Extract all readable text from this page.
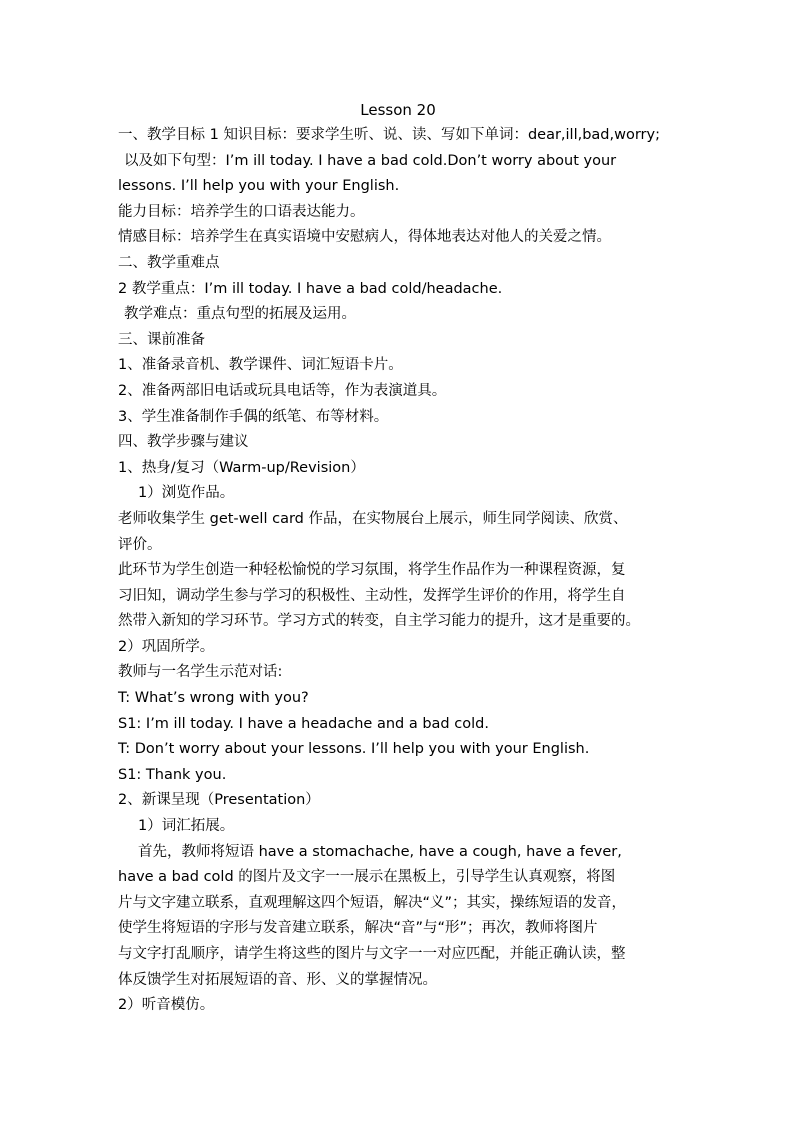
Lesson 20

一、教学目标 1 知识目标：要求学生听、说、读、写如下单词：dear,ill,bad,worry;

以及如下句型：I’m ill today. I have a bad cold.Don’t worry about your

lessons. I’ll help you with your English.

能力目标：培养学生的口语表达能力。

情感目标：培养学生在真实语境中安慰病人，得体地表达对他人的关爱之情。

二、教学重难点

2 教学重点：I’m ill today. I have a bad cold/headache.

教学难点：重点句型的拓展及运用。

三、课前准备

1、准备录音机、教学课件、词汇短语卡片。

2、准备两部旧电话或玩具电话等，作为表演道具。

3、学生准备制作手偶的纸笔、布等材料。

四、教学步骤与建议

1、热身/复习（Warm-up/Revision）

1）浏览作品。

老师收集学生 get-well card 作品，在实物展台上展示，师生同学阅读、欣赏、

评价。

此环节为学生创造一种轻松愉悦的学习氛围，将学生作品作为一种课程资源，复

习旧知，调动学生参与学习的积极性、主动性，发挥学生评价的作用，将学生自

然带入新知的学习环节。学习方式的转变，自主学习能力的提升，这才是重要的。

2）巩固所学。

教师与一名学生示范对话:

T: What’s wrong with you?

S1: I’m ill today. I have a headache and a bad cold.

T: Don’t worry about your lessons. I’ll help you with your English.

S1: Thank you.

2、新课呈现（Presentation）

1）词汇拓展。

首先，教师将短语 have a stomachache, have a cough, have a fever,

have a bad cold 的图片及文字一一展示在黑板上，引导学生认真观察，将图

片与文字建立联系，直观理解这四个短语，解决“义”；其实，操练短语的发音，

使学生将短语的字形与发音建立联系，解决“音”与“形”；再次，教师将图片

与文字打乱顺序，请学生将这些的图片与文字一一对应匹配，并能正确认读，整

体反馈学生对拓展短语的音、形、义的掌握情况。

2）听音模仿。
